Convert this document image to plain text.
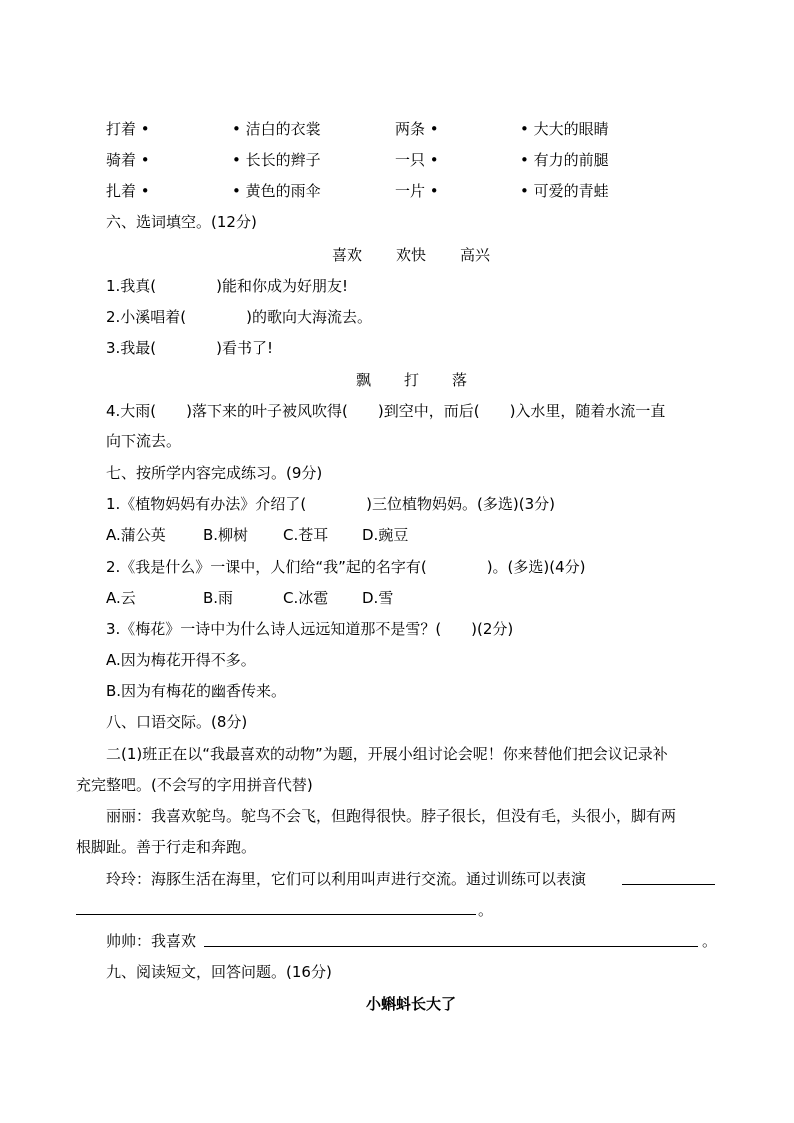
打着 •	• 洁白的衣裳	两条 •	• 大大的眼睛
骑着 •	• 长长的辫子	一只 •	• 有力的前腿
扎着 •	• 黄色的雨伞	一片 •	• 可爱的青蛙
六、选词填空。(12分)
喜欢 欢快 高兴
1.我真(　　　　)能和你成为好朋友!
2.小溪唱着(　　　　)的歌向大海流去。
3.我最(　　　　)看书了!
飘 打 落
4.大雨(　　)落下来的叶子被风吹得(　　)到空中，而后(　　)入水里，随着水流一直
向下流去。
七、按所学内容完成练习。(9分)
1.《植物妈妈有办法》介绍了(　　　　)三位植物妈妈。(多选)(3分)
A.蒲公英 B.柳树 C.苍耳 D.豌豆
2.《我是什么》一课中，人们给“我”起的名字有(　　　　)。(多选)(4分)
A.云	B.雨	C.冰雹 D.雪
3.《梅花》一诗中为什么诗人远远知道那不是雪？(　　)(2分)
A.因为梅花开得不多。
B.因为有梅花的幽香传来。
八、口语交际。(8分)
二(1)班正在以“我最喜欢的动物”为题，开展小组讨论会呢！你来替他们把会议记录补
充完整吧。(不会写的字用拼音代替)
丽丽：我喜欢鸵鸟。鸵鸟不会飞，但跑得很快。脖子很长，但没有毛，头很小，脚有两
根脚趾。善于行走和奔跑。
玲玲：海豚生活在海里，它们可以利用叫声进行交流。通过训练可以表演
。
帅帅：我喜欢	。
九、阅读短文，回答问题。(16分)
小蝌蚪长大了
